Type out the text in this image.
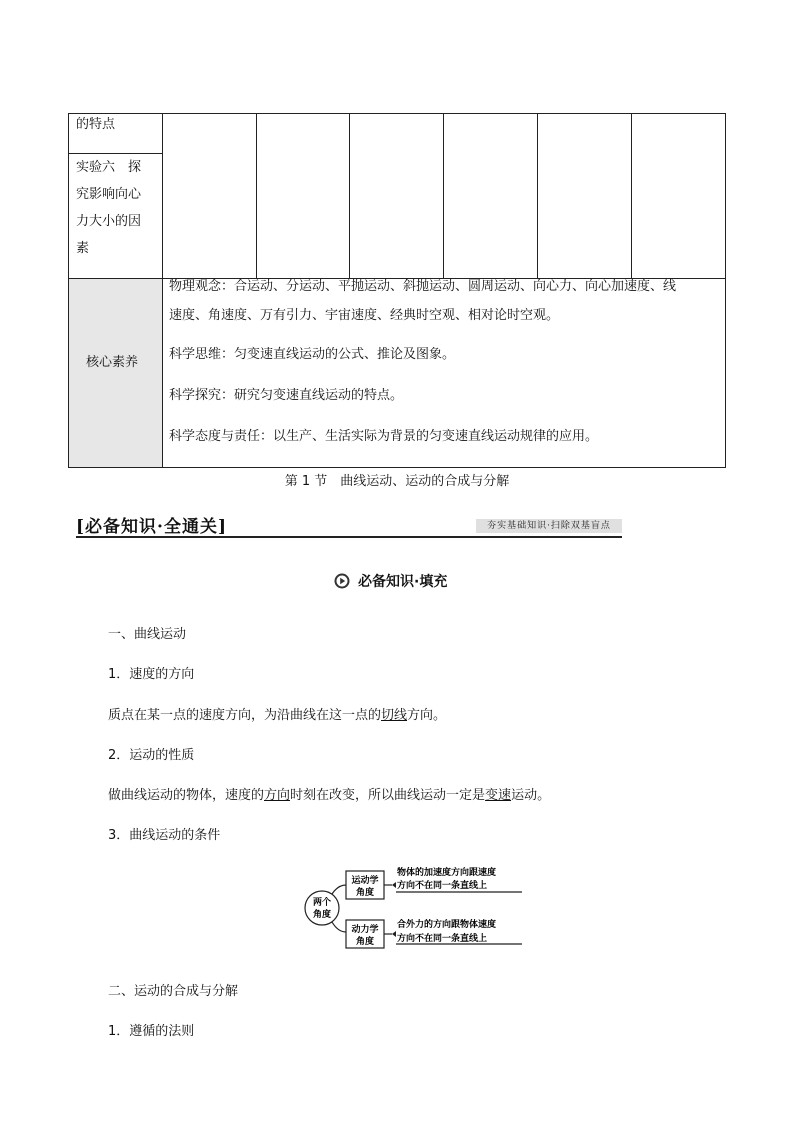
的特点
实验六　探
究影响向心
力大小的因
素
核心素养
物理观念：合运动、分运动、平抛运动、斜抛运动、圆周运动、向心力、向心加速度、线
速度、角速度、万有引力、宇宙速度、经典时空观、相对论时空观。
科学思维：匀变速直线运动的公式、推论及图象。
科学探究：研究匀变速直线运动的特点。
科学态度与责任：以生产、生活实际为背景的匀变速直线运动规律的应用。
第 1 节　曲线运动、运动的合成与分解
[必备知识·全通关]	夯实基础知识·扫除双基盲点
必备知识·填充
一、曲线运动
1．速度的方向
质点在某一点的速度方向，为沿曲线在这一点的切线方向。
2．运动的性质
做曲线运动的物体，速度的方向时刻在改变，所以曲线运动一定是变速运动。
3．曲线运动的条件
两个
角度
运动学
角度
动力学
角度
物体的加速度方向跟速度
方向不在同一条直线上
合外力的方向跟物体速度
方向不在同一条直线上
二、运动的合成与分解
1．遵循的法则
